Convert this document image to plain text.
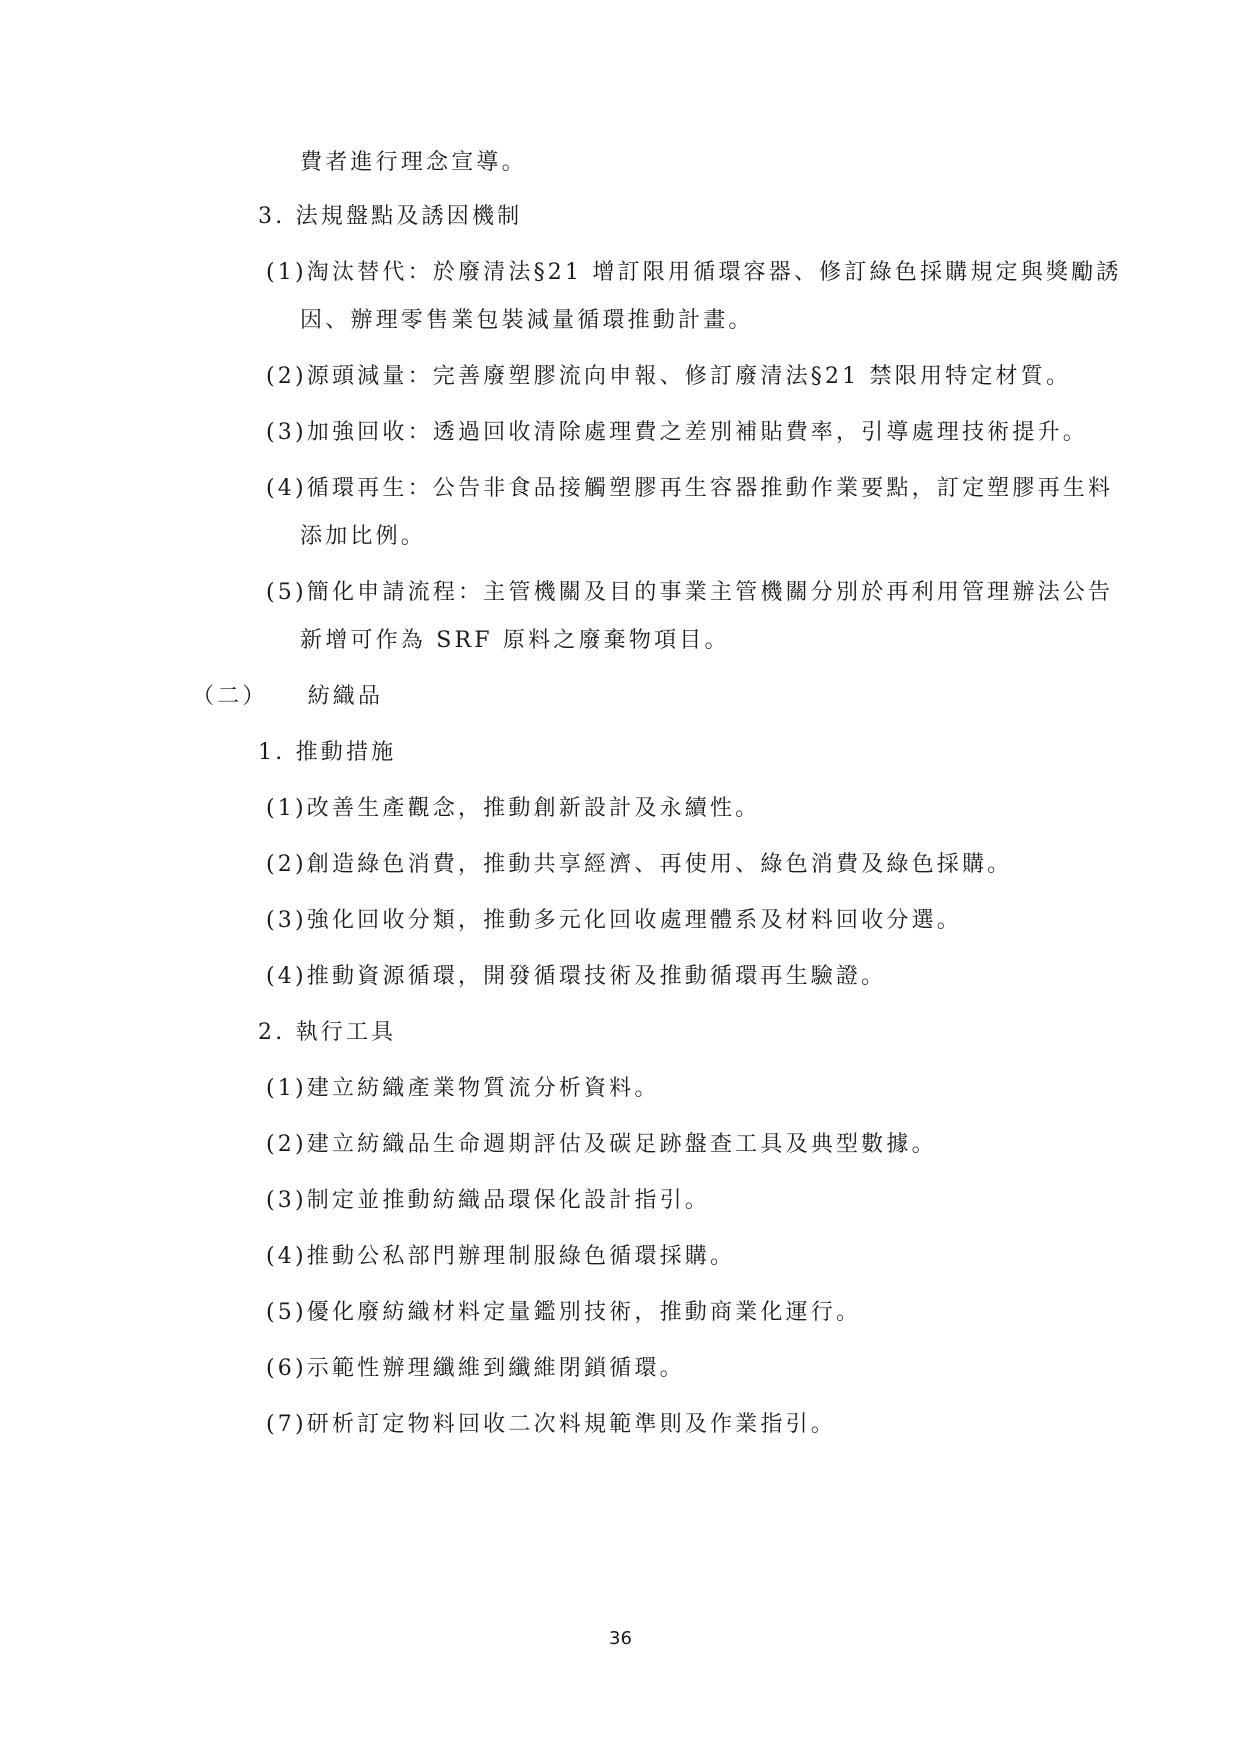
費者進行理念宣導。
3. 法規盤點及誘因機制
(1)淘汰替代：於廢清法§21 增訂限用循環容器、修訂綠色採購規定與獎勵誘
因、辦理零售業包裝減量循環推動計畫。
(2)源頭減量：完善廢塑膠流向申報、修訂廢清法§21 禁限用特定材質。
(3)加強回收：透過回收清除處理費之差別補貼費率，引導處理技術提升。
(4)循環再生：公告非食品接觸塑膠再生容器推動作業要點，訂定塑膠再生料
添加比例。
(5)簡化申請流程：主管機關及目的事業主管機關分別於再利用管理辦法公告
新增可作為 SRF 原料之廢棄物項目。
（二） 紡織品
1. 推動措施
(1)改善生產觀念，推動創新設計及永續性。
(2)創造綠色消費，推動共享經濟、再使用、綠色消費及綠色採購。
(3)強化回收分類，推動多元化回收處理體系及材料回收分選。
(4)推動資源循環，開發循環技術及推動循環再生驗證。
2. 執行工具
(1)建立紡織產業物質流分析資料。
(2)建立紡織品生命週期評估及碳足跡盤查工具及典型數據。
(3)制定並推動紡織品環保化設計指引。
(4)推動公私部門辦理制服綠色循環採購。
(5)優化廢紡織材料定量鑑別技術，推動商業化運行。
(6)示範性辦理纖維到纖維閉鎖循環。
(7)研析訂定物料回收二次料規範準則及作業指引。
36
